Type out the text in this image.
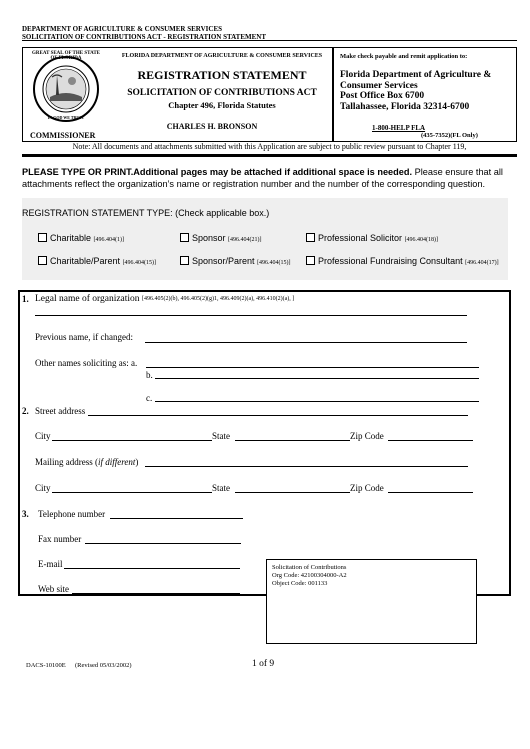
DEPARTMENT OF AGRICULTURE & CONSUMER SERVICES
SOLICITATION OF CONTRIBUTIONS ACT - REGISTRATION STATEMENT
GREAT SEAL OF THE STATE OF FLORIDA
IN GOD WE TRUST
FLORIDA DEPARTMENT OF AGRICULTURE & CONSUMER SERVICES
REGISTRATION STATEMENT
SOLICITATION OF CONTRIBUTIONS ACT
Chapter 496, Florida Statutes
CHARLES H. BRONSON
COMMISSIONER
Make check payable and remit application to:
Florida Department of Agriculture &
Consumer Services
Post Office Box 6700
Tallahassee, Florida 32314-6700
1-800-HELP FLA
(435-7352)(FL Only)
Note: All documents and attachments submitted with this Application are subject to public review pursuant to Chapter 119,
PLEASE TYPE OR PRINT.Additional pages may be attached if additional space is needed. Please ensure that all attachments reflect the organization’s name or registration number and the number of the corresponding question.
REGISTRATION STATEMENT TYPE: (Check applicable box.)
Charitable [496.404(1)]	Sponsor [496.404(21)]	Professional Solicitor [496.404(18)]
Charitable/Parent [496.404(15)]	Sponsor/Parent [496.404(15)]	Professional Fundraising Consultant [496.404(17)]
1. Legal name of organization [496.405(2)(b), 496.405(2)(g)1, 496.409(2)(a), 496.410(2)(a), ]
Previous name, if changed:
Other names soliciting as: a.
b.
c.
2. Street address
City	State	Zip Code
Mailing address (if different)
City	State	Zip Code
3. Telephone number
Fax number
E-mail
Web site
Solicitation of Contributions
Org Code: 42100304000-A2
Object Code: 001133
DACS-10100E (Revised 05/03/2002)	1 of 9
